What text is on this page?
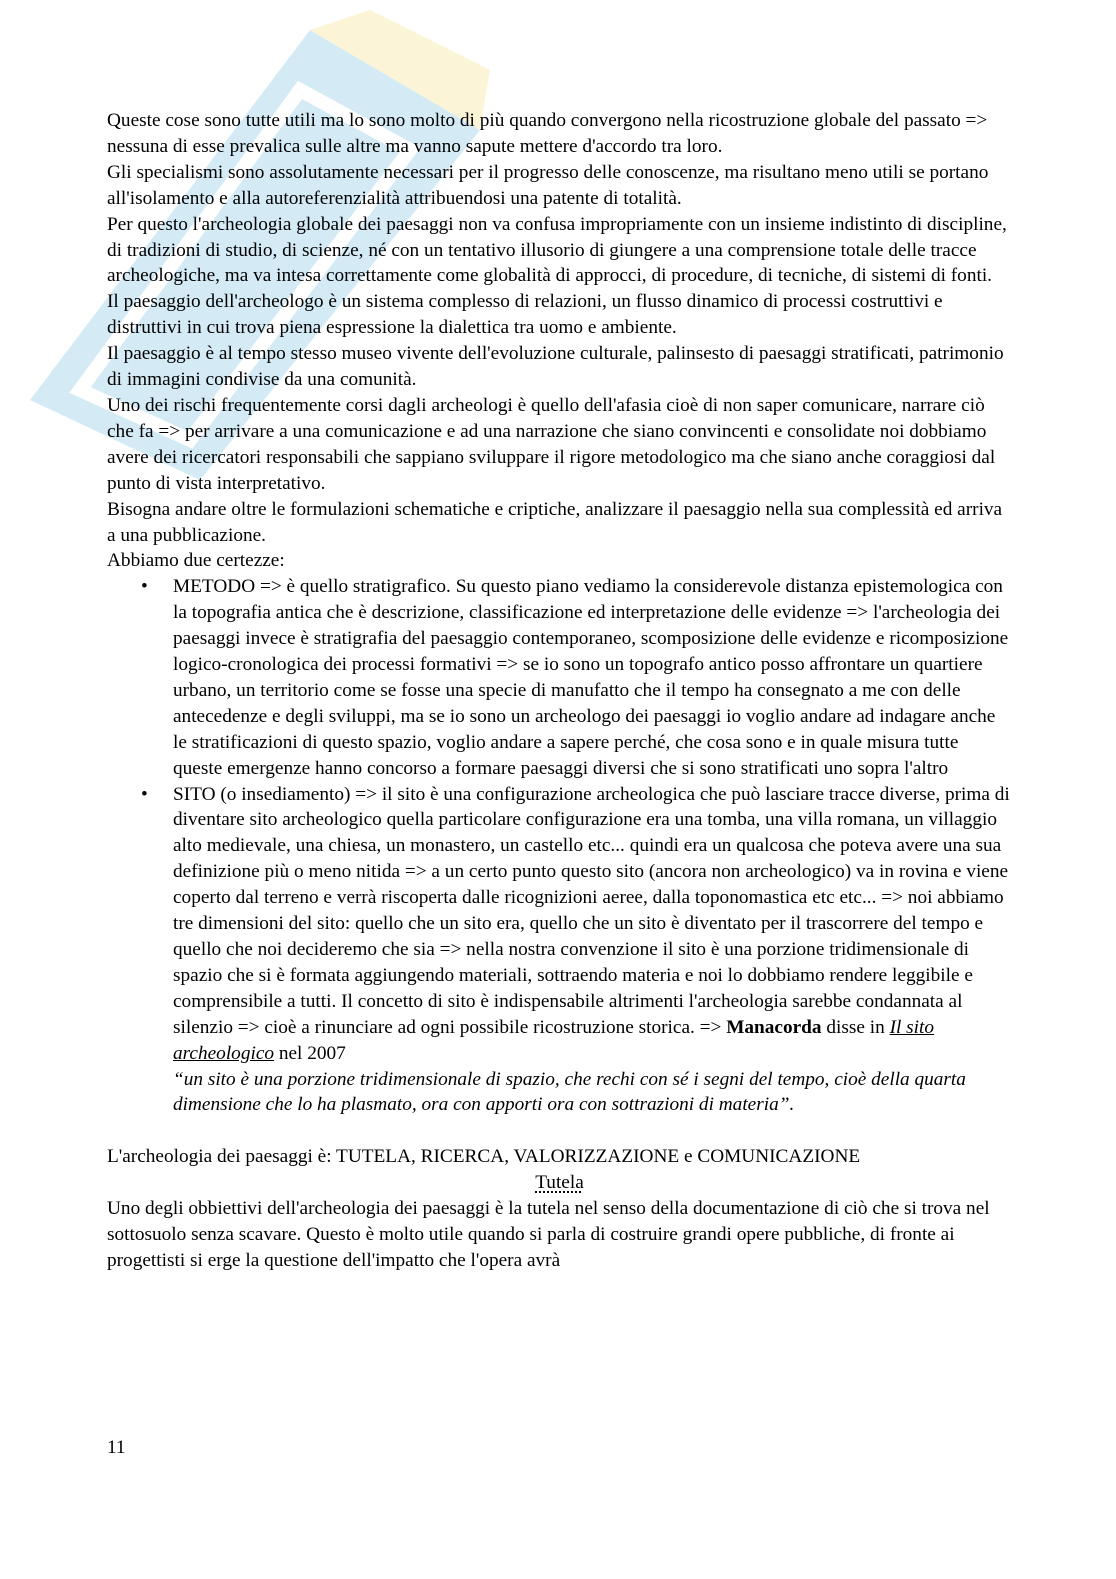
Queste cose sono tutte utili ma lo sono molto di più quando convergono nella ricostruzione globale del passato => nessuna di esse prevalica sulle altre ma vanno sapute mettere d'accordo tra loro.

Gli specialismi sono assolutamente necessari per il progresso delle conoscenze, ma risultano meno utili se portano all'isolamento e alla autoreferenzialità attribuendosi una patente di totalità.

Per questo l'archeologia globale dei paesaggi non va confusa impropriamente con un insieme indistinto di discipline, di tradizioni di studio, di scienze, né con un tentativo illusorio di giungere a una comprensione totale delle tracce archeologiche, ma va intesa correttamente come globalità di approcci, di procedure, di tecniche, di sistemi di fonti.

Il paesaggio dell'archeologo è un sistema complesso di relazioni, un flusso dinamico di processi costruttivi e distruttivi in cui trova piena espressione la dialettica tra uomo e ambiente.

Il paesaggio è al tempo stesso museo vivente dell'evoluzione culturale, palinsesto di paesaggi stratificati, patrimonio di immagini condivise da una comunità.

Uno dei rischi frequentemente corsi dagli archeologi è quello dell'afasia cioè di non saper comunicare, narrare ciò che fa => per arrivare a una comunicazione e ad una narrazione che siano convincenti e consolidate noi dobbiamo avere dei ricercatori responsabili che sappiano sviluppare il rigore metodologico ma che siano anche coraggiosi dal punto di vista interpretativo.

Bisogna andare oltre le formulazioni schematiche e criptiche, analizzare il paesaggio nella sua complessità ed arriva a una pubblicazione.

Abbiamo due certezze:

• METODO => è quello stratigrafico. Su questo piano vediamo la considerevole distanza epistemologica con la topografia antica che è descrizione, classificazione ed interpretazione delle evidenze => l'archeologia dei paesaggi invece è stratigrafia del paesaggio contemporaneo, scomposizione delle evidenze e ricomposizione logico-cronologica dei processi formativi => se io sono un topografo antico posso affrontare un quartiere urbano, un territorio come se fosse una specie di manufatto che il tempo ha consegnato a me con delle antecedenze e degli sviluppi, ma se io sono un archeologo dei paesaggi io voglio andare ad indagare anche le stratificazioni di questo spazio, voglio andare a sapere perché, che cosa sono e in quale misura tutte queste emergenze hanno concorso a formare paesaggi diversi che si sono stratificati uno sopra l'altro
• SITO (o insediamento) => il sito è una configurazione archeologica che può lasciare tracce diverse, prima di diventare sito archeologico quella particolare configurazione era una tomba, una villa romana, un villaggio alto medievale, una chiesa, un monastero, un castello etc... quindi era un qualcosa che poteva avere una sua definizione più o meno nitida => a un certo punto questo sito (ancora non archeologico) va in rovina e viene coperto dal terreno e verrà riscoperta dalle ricognizioni aeree, dalla toponomastica etc etc... => noi abbiamo tre dimensioni del sito: quello che un sito era, quello che un sito è diventato per il trascorrere del tempo e quello che noi decideremo che sia => nella nostra convenzione il sito è una porzione tridimensionale di spazio che si è formata aggiungendo materiali, sottraendo materia e noi lo dobbiamo rendere leggibile e comprensibile a tutti. Il concetto di sito è indispensabile altrimenti l'archeologia sarebbe condannata al silenzio => cioè a rinunciare ad ogni possibile ricostruzione storica. => Manacorda disse in Il sito archeologico nel 2007
“un sito è una porzione tridimensionale di spazio, che rechi con sé i segni del tempo, cioè della quarta dimensione che lo ha plasmato, ora con apporti ora con sottrazioni di materia”.

L'archeologia dei paesaggi è: TUTELA, RICERCA, VALORIZZAZIONE e COMUNICAZIONE

Tutela

Uno degli obbiettivi dell'archeologia dei paesaggi è la tutela nel senso della documentazione di ciò che si trova nel sottosuolo senza scavare. Questo è molto utile quando si parla di costruire grandi opere pubbliche, di fronte ai progettisti si erge la questione dell'impatto che l'opera avrà

11
